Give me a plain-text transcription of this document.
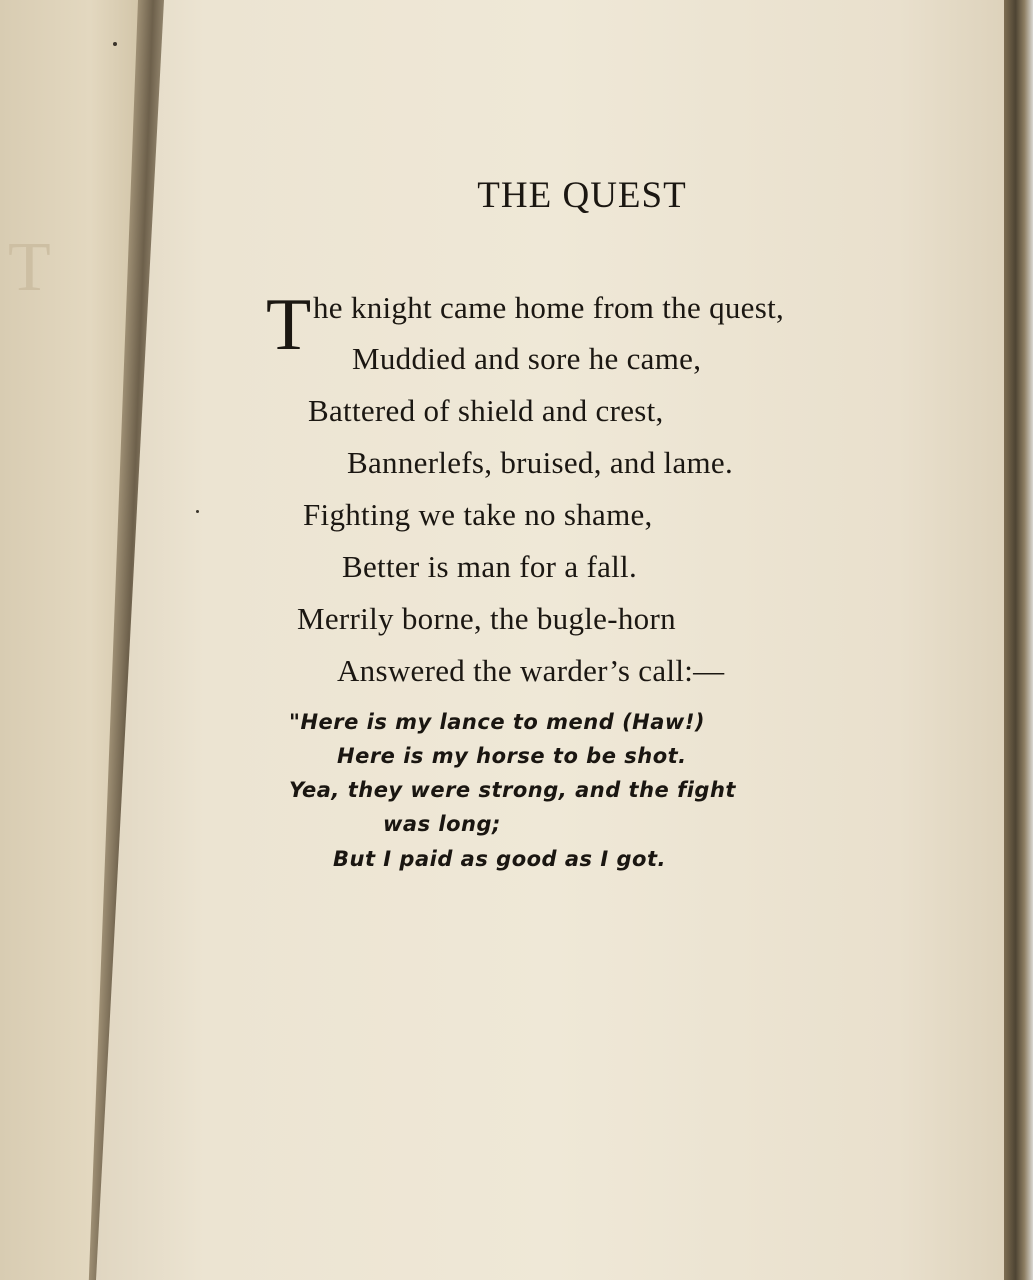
T
THE QUEST
T he knight came home from the quest,
Muddied and sore he came,
Battered of shield and crest,
Bannerlefs, bruised, and lame.
Fighting we take no shame,
Better is man for a fall.
Merrily borne, the bugle-horn
Answered the warder’s call:—
"Here is my lance to mend (Haw!)
Here is my horse to be shot.
Yea, they were strong, and the fight
was long;
But I paid as good as I got.
